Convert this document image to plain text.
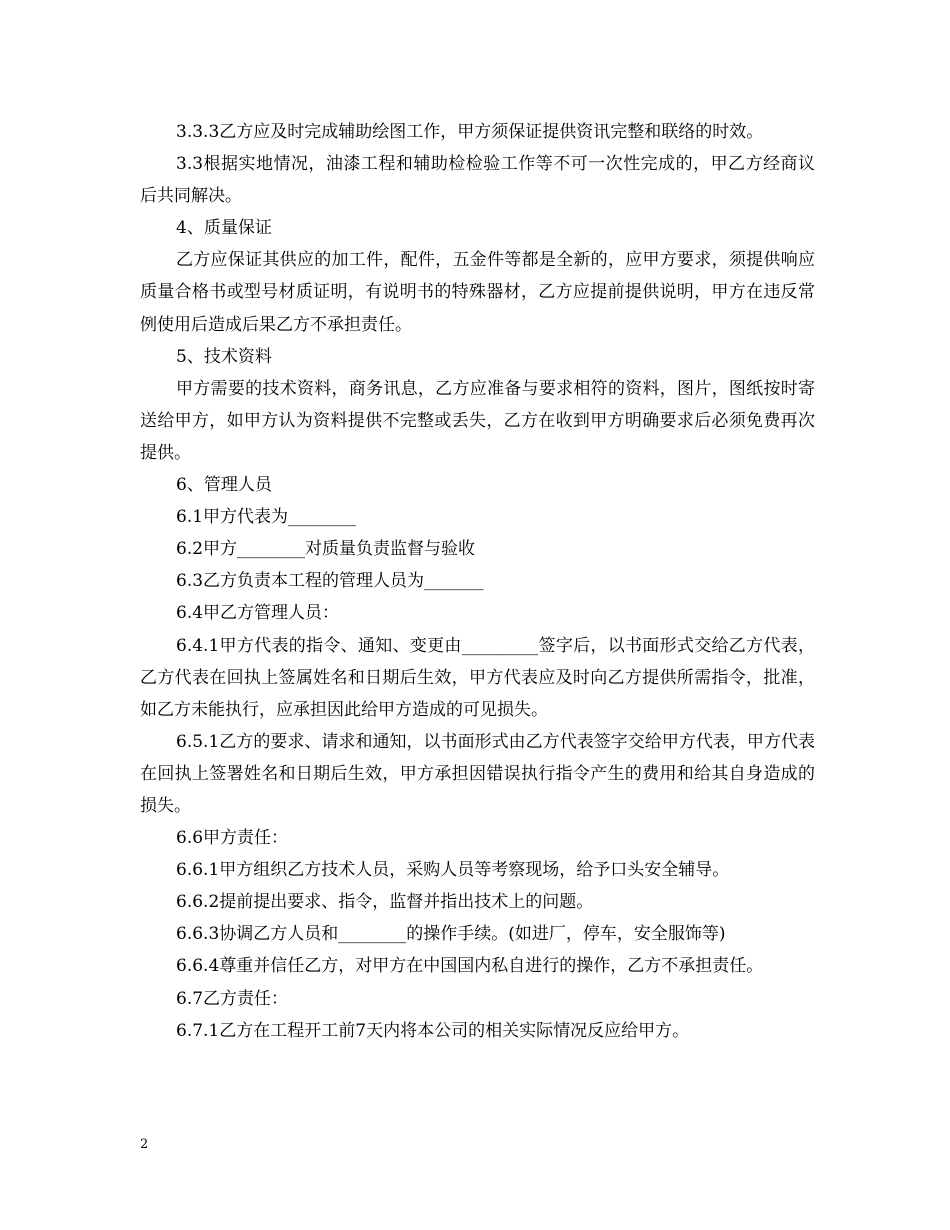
3.3.3乙方应及时完成辅助绘图工作，甲方须保证提供资讯完整和联络的时效。

3.3根据实地情况，油漆工程和辅助检检验工作等不可一次性完成的，甲乙方经商议后共同解决。

4、质量保证

乙方应保证其供应的加工件，配件，五金件等都是全新的，应甲方要求，须提供响应质量合格书或型号材质证明，有说明书的特殊器材，乙方应提前提供说明，甲方在违反常例使用后造成后果乙方不承担责任。

5、技术资料

甲方需要的技术资料，商务讯息，乙方应准备与要求相符的资料，图片，图纸按时寄送给甲方，如甲方认为资料提供不完整或丢失，乙方在收到甲方明确要求后必须免费再次提供。

6、管理人员

6.1甲方代表为________

6.2甲方________对质量负责监督与验收

6.3乙方负责本工程的管理人员为_______

6.4甲乙方管理人员：

6.4.1甲方代表的指令、通知、变更由_________签字后，以书面形式交给乙方代表，乙方代表在回执上签属姓名和日期后生效，甲方代表应及时向乙方提供所需指令，批准，如乙方未能执行，应承担因此给甲方造成的可见损失。

6.5.1乙方的要求、请求和通知，以书面形式由乙方代表签字交给甲方代表，甲方代表在回执上签署姓名和日期后生效，甲方承担因错误执行指令产生的费用和给其自身造成的损失。

6.6甲方责任：

6.6.1甲方组织乙方技术人员，采购人员等考察现场，给予口头安全辅导。

6.6.2提前提出要求、指令，监督并指出技术上的问题。

6.6.3协调乙方人员和________的操作手续。(如进厂，停车，安全服饰等)

6.6.4尊重并信任乙方，对甲方在中国国内私自进行的操作，乙方不承担责任。

6.7乙方责任：

6.7.1乙方在工程开工前7天内将本公司的相关实际情况反应给甲方。

2
